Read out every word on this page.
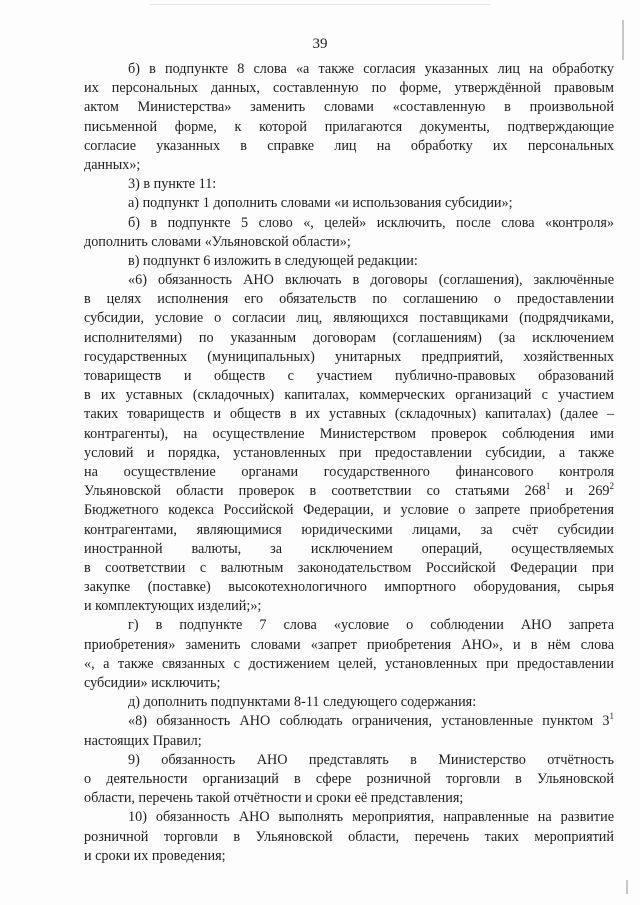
39
б) в подпункте 8 слова «а также согласия указанных лиц на обработку
их персональных данных, составленную по форме, утверждённой правовым
актом Министерства» заменить словами «составленную в произвольной
письменной форме, к которой прилагаются документы, подтверждающие
согласие указанных в справке лиц на обработку их персональных
данных»;
3) в пункте 11:
а) подпункт 1 дополнить словами «и использования субсидии»;
б) в подпункте 5 слово «, целей» исключить, после слова «контроля»
дополнить словами «Ульяновской области»;
в) подпункт 6 изложить в следующей редакции:
«6) обязанность АНО включать в договоры (соглашения), заключённые
в целях исполнения его обязательств по соглашению о предоставлении
субсидии, условие о согласии лиц, являющихся поставщиками (подрядчиками,
исполнителями) по указанным договорам (соглашениям) (за исключением
государственных (муниципальных) унитарных предприятий, хозяйственных
товариществ и обществ с участием публично-правовых образований
в их уставных (складочных) капиталах, коммерческих организаций с участием
таких товариществ и обществ в их уставных (складочных) капиталах) (далее –
контрагенты), на осуществление Министерством проверок соблюдения ими
условий и порядка, установленных при предоставлении субсидии, а также
на осуществление органами государственного финансового контроля
Ульяновской области проверок в соответствии со статьями $268^1$ и $269^2$
Бюджетного кодекса Российской Федерации, и условие о запрете приобретения
контрагентами, являющимися юридическими лицами, за счёт субсидии
иностранной валюты, за исключением операций, осуществляемых
в соответствии с валютным законодательством Российской Федерации при
закупке (поставке) высокотехнологичного импортного оборудования, сырья
и комплектующих изделий;»;
г) в подпункте 7 слова «условие о соблюдении АНО запрета
приобретения» заменить словами «запрет приобретения АНО», и в нём слова
«, а также связанных с достижением целей, установленных при предоставлении
субсидии» исключить;
д) дополнить подпунктами 8-11 следующего содержания:
«8) обязанность АНО соблюдать ограничения, установленные пунктом $3^1$
настоящих Правил;
9) обязанность АНО представлять в Министерство отчётность
о деятельности организаций в сфере розничной торговли в Ульяновской
области, перечень такой отчётности и сроки её представления;
10) обязанность АНО выполнять мероприятия, направленные на развитие
розничной торговли в Ульяновской области, перечень таких мероприятий
и сроки их проведения;
